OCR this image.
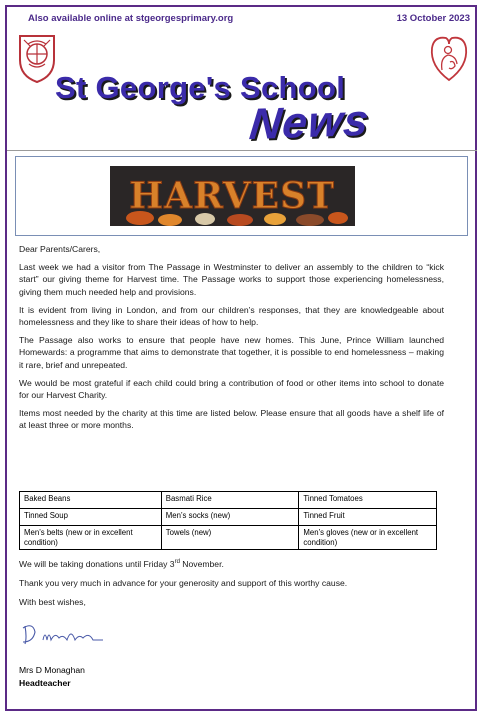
Also available online at stgeorgesprimary.org	13 October 2023
St George's School
News
HARVEST

Dear Parents/Carers,

Last week we had a visitor from The Passage in Westminster to deliver an assembly to the children to “kick start” our giving theme for Harvest time. The Passage works to support those experiencing homelessness, giving them much needed help and provisions.

It is evident from living in London, and from our children’s responses, that they are knowledgeable about homelessness and they like to share their ideas of how to help.

The Passage also works to ensure that people have new homes. This June, Prince William launched Homewards: a programme that aims to demonstrate that together, it is possible to end homelessness – making it rare, brief and unrepeated.

We would be most grateful if each child could bring a contribution of food or other items into school to donate for our Harvest Charity.

Items most needed by the charity at this time are listed below. Please ensure that all goods have a shelf life of at least three or more months.

Baked Beans	Basmati Rice	Tinned Tomatoes
Tinned Soup	Men’s socks (new)	Tinned Fruit
Men’s belts (new or in excellent condition)	Towels (new)	Men’s gloves (new or in excellent condition)

We will be taking donations until Friday 3rd November.

Thank you very much in advance for your generosity and support of this worthy cause.

With best wishes,

Mrs D Monaghan
Headteacher
